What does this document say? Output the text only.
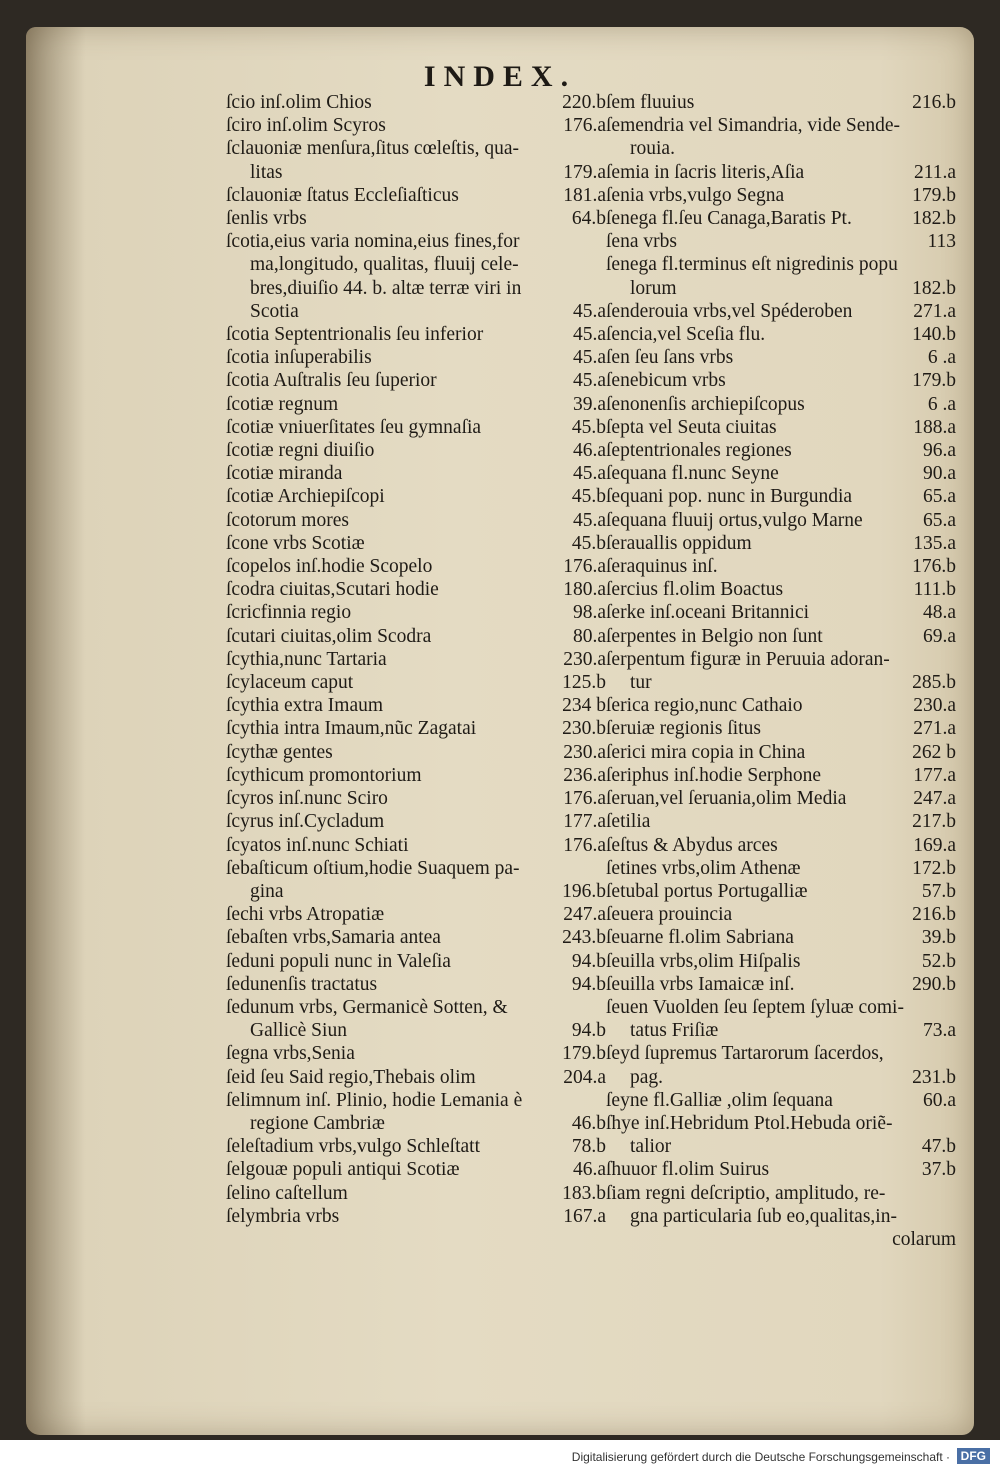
INDEX.
220.b
ſcio inſ.olim Chios
176.a
ſciro inſ.olim Scyros
ſclauoniæ menſura,ſitus cœleſtis, qua-
179.a
litas
181.a
ſclauoniæ ſtatus Eccleſiaſticus
64.b
ſenlis vrbs
ſcotia,eius varia nomina,eius fines,for
ma,longitudo, qualitas, fluuij cele-
bres,diuiſio 44. b. altæ terræ viri in
45.a
Scotia
45.a
ſcotia Septentrionalis ſeu inferior
45.a
ſcotia inſuperabilis
45.a
ſcotia Auſtralis ſeu ſuperior
39.a
ſcotiæ regnum
45.b
ſcotiæ vniuerſitates ſeu gymnaſia
46.a
ſcotiæ regni diuiſio
45.a
ſcotiæ miranda
45.b
ſcotiæ Archiepiſcopi
45.a
ſcotorum mores
45.b
ſcone vrbs Scotiæ
176.a
ſcopelos inſ.hodie Scopelo
180.a
ſcodra ciuitas,Scutari hodie
98.a
ſcricfinnia regio
80.a
ſcutari ciuitas,olim Scodra
230.a
ſcythia,nunc Tartaria
125.b
ſcylaceum caput
234 b
ſcythia extra Imaum
230.b
ſcythia intra Imaum,nũc Zagatai
230.a
ſcythæ gentes
236.a
ſcythicum promontorium
176.a
ſcyros inſ.nunc Sciro
177.a
ſcyrus inſ.Cycladum
176.a
ſcyatos inſ.nunc Schiati
ſebaſticum oſtium,hodie Suaquem pa-
196.b
gina
247.a
ſechi vrbs Atropatiæ
243.b
ſebaſten vrbs,Samaria antea
94.b
ſeduni populi nunc in Valeſia
94.b
ſedunenſis tractatus
ſedunum vrbs, Germanicè Sotten, &
94.b
Gallicè Siun
179.b
ſegna vrbs,Senia
204.a
ſeid ſeu Said regio,Thebais olim
ſelimnum inſ. Plinio, hodie Lemania è
46.b
regione Cambriæ
78.b
ſeleſtadium vrbs,vulgo Schleſtatt
46.a
ſelgouæ populi antiqui Scotiæ
183.b
ſelino caſtellum
167.a
ſelymbria vrbs
216.b
ſem fluuius
ſemendria vel Simandria, vide Sende-
rouia.
211.a
ſemia in ſacris literis,Aſia
179.b
ſenia vrbs,vulgo Segna
182.b
ſenega fl.ſeu Canaga,Baratis Pt.
113
ſena vrbs
ſenega fl.terminus eſt nigredinis popu
182.b
lorum
271.a
ſenderouia vrbs,vel Spéderoben
140.b
ſencia,vel Sceſia flu.
6 .a
ſen ſeu ſans vrbs
179.b
ſenebicum vrbs
6 .a
ſenonenſis archiepiſcopus
188.a
ſepta vel Seuta ciuitas
96.a
ſeptentrionales regiones
90.a
ſequana fl.nunc Seyne
65.a
ſequani pop. nunc in Burgundia
65.a
ſequana fluuij ortus,vulgo Marne
135.a
ſerauallis oppidum
176.b
ſeraquinus inſ.
111.b
ſercius fl.olim Boactus
48.a
ſerke inſ.oceani Britannici
69.a
ſerpentes in Belgio non ſunt
ſerpentum figuræ in Peruuia adoran-
285.b
tur
230.a
ſerica regio,nunc Cathaio
271.a
ſeruiæ regionis ſitus
262 b
ſerici mira copia in China
177.a
ſeriphus inſ.hodie Serphone
247.a
ſeruan,vel ſeruania,olim Media
217.b
ſetilia
169.a
ſeſtus & Abydus arces
172.b
ſetines vrbs,olim Athenæ
57.b
ſetubal portus Portugalliæ
216.b
ſeuera prouincia
39.b
ſeuarne fl.olim Sabriana
52.b
ſeuilla vrbs,olim Hiſpalis
290.b
ſeuilla vrbs Iamaicæ inſ.
ſeuen Vuolden ſeu ſeptem ſyluæ comi-
73.a
tatus Friſiæ
ſeyd ſupremus Tartarorum ſacerdos,
231.b
pag.
60.a
ſeyne fl.Galliæ ,olim ſequana
ſhye inſ.Hebridum Ptol.Hebuda oriẽ-
47.b
talior
37.b
ſhuuor fl.olim Suirus
ſiam regni deſcriptio, amplitudo, re-
gna particularia ſub eo,qualitas,in-
colarum
Digitalisierung gefördert durch die Deutsche Forschungsgemeinschaft · DFG
